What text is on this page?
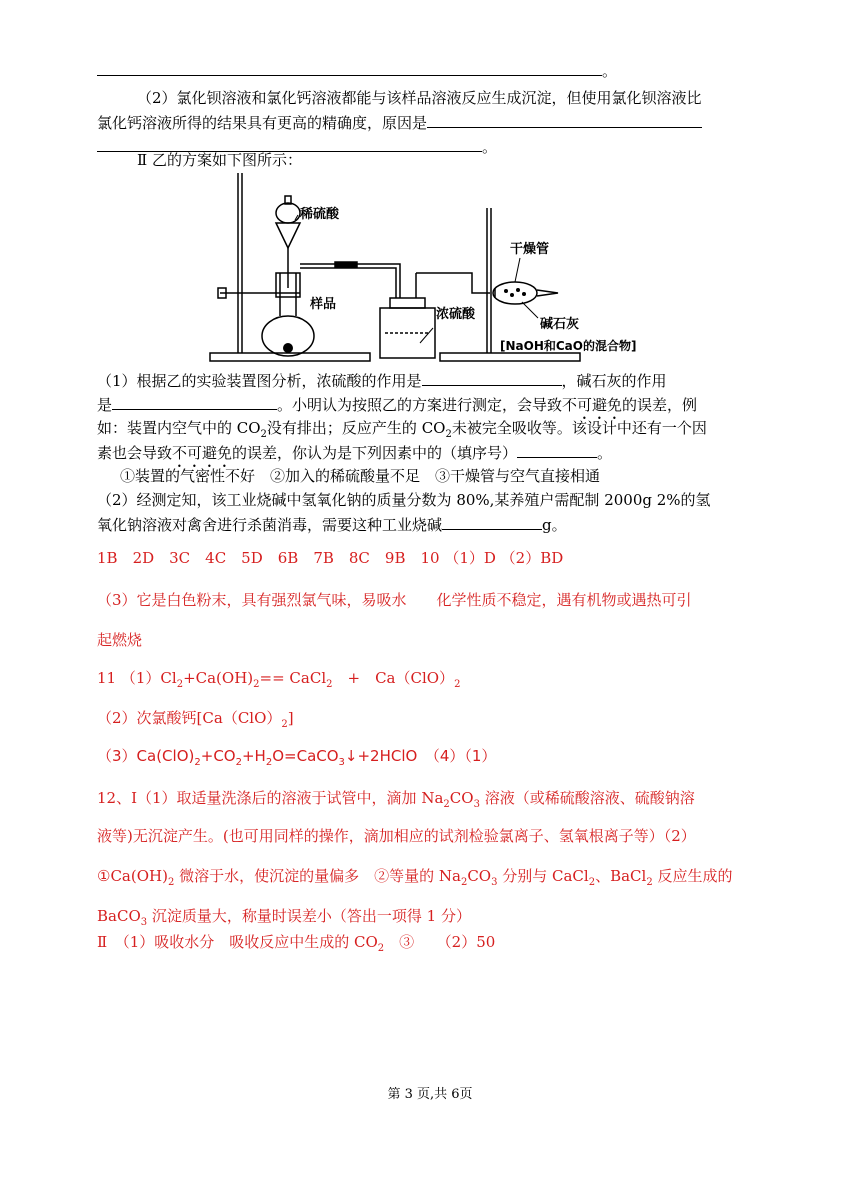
。
（2）氯化钡溶液和氯化钙溶液都能与该样品溶液反应生成沉淀，但使用氯化钡溶液比
氯化钙溶液所得的结果具有更高的精确度，原因是
。
Ⅱ 乙的方案如下图所示：
稀硫酸
样品
浓硫酸
干燥管
碱石灰
[NaOH和CaO的混合物]
（1）根据乙的实验装置图分析，浓硫酸的作用是	，碱石灰的作用
是	。小明认为按照乙的方案进行测定，会导致不可避免的误差，例
如：装置内空气中的 $CO_2$没有排出；反应产生的 $CO_2$未被完全吸收等。该设计中还有一个因
素也会导致不可避免的误差，你认为是下列因素中的（填序号）	。
①装置的气密性不好　②加入的稀硫酸量不足　③干燥管与空气直接相通
（2）经测定知，该工业烧碱中氢氧化钠的质量分数为 80%,某养殖户需配制 2000g 2%的氢
氧化钠溶液对禽舍进行杀菌消毒，需要这种工业烧碱	g。
1B　2D　3C　4C　5D　6B　7B　8C　9B　10 （1）D （2）BD
（3）它是白色粉末，具有强烈氯气味，易吸水　　化学性质不稳定，遇有机物或遇热可引
起燃烧
11 $(1)Cl_2+Ca(OH)_2==$ CaCl$_2$　+　$Ca(ClO)_2$
（2）次氯酸钙$[Ca(ClO)_2]$
$(3)Ca(ClO)_2+CO_2+H_2O=CaCO_3↓+2HClO$　（4）（1）
12、Ⅰ（1）取适量洗涤后的溶液于试管中，滴加 $Na_2CO_3$ 溶液（或稀硫酸溶液、硫酸钠溶
液等)无沉淀产生。(也可用同样的操作，滴加相应的试剂检验氯离子、氢氧根离子等）（2）
$①Ca(OH)_2$ 微溶于水，使沉淀的量偏多　②等量的 $Na_2CO_3$ 分别与 CaCl$_2$、BaCl$_2$ 反应生成的
BaCO$_3$ 沉淀质量大，称量时误差小（答出一项得 1 分）
Ⅱ　（1）吸收水分　吸收反应中生成的 $CO_2$　③　　（2）50
第 3 页,共 6页
